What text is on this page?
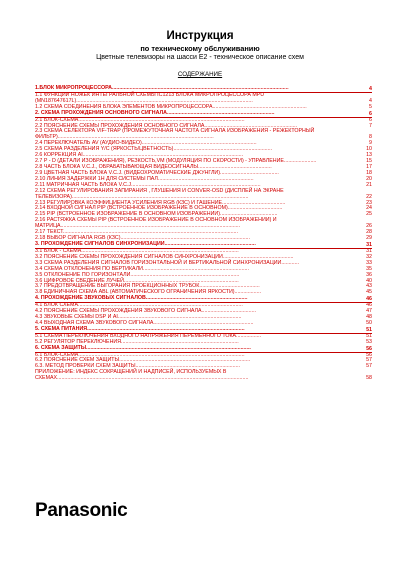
Инструкция
по техническому обслуживанию
Цветные телевизоры на шасси E2 - техническое описание схем
СОДЕРЖАНИЕ
1.БЛОК МИКРОПРОЦЕССОРА........................................................................................................................	4
1.1 ФУНКЦИИ НОЖЕК ИНТЕГРАЛЬНОЙ СХЕМЫ IC1213 БЛОКА МИКРОПРОЦЕССОРА MPU (MN187647617L)........................................................................................................................	4
1.2 СХЕМА СОЕДИНЕНИЯ БЛОКА ЭЛЕМЕНТОВ МИКРОПРОЦЕССОРА................................................................	5
2. СХЕМА ПРОХОЖДЕНИЯ ОСНОВНОГО СИГНАЛА.........................................................................	6
2.1 БЛОК-СХЕМА.................................................................................................................	6
2.2 ПОЯСНЕНИЕ СХЕМЫ ПРОХОЖДЕНИЯ ОСНОВНОГО СИГНАЛА...............................................................	7
2.3 СХЕМА СЕЛЕКТОРА VIF-TRAP (ПРОМЕЖУТОЧНАЯ ЧАСТОТА СИГНАЛА ИЗОБРАЖЕНИЯ - РЕЖЕКТОРНЫЙ ФИЛЬТР)..........................................................................................................	8
2.4 ПЕРЕКЛЮЧАТЕЛЬ AV (АУДИО-ВИДЕО)..............................................................................	9
2.5 СХЕМА РАЗДЕЛЕНИЯ Y/C (ЯРКОСТЬ/ЦВЕТНОСТЬ)...................................................................	10
2.6 КОРРЕКЦИЯ AI.............................................................................................................	13
2.7 P - D (ДЕТАЛИ ИЗОБРАЖЕНИЯ), РЕЗКОСТЬ,VM (МОДУЛЯЦИЯ ПО СКОРОСТИ) - УПРАВЛЕНИЕ......................	15
2.8 ЧАСТЬ БЛОКА V.C.J., ОБРАБАТЫВАЮЩАЯ ВИДЕОСИГНАЛЫ..................................................	17
2.9 ЦВЕТНАЯ ЧАСТЬ БЛОКА V.C.J. (ВИДЕОХРОМАТИЧЕСКИЕ ДЖУНГЛИ)........................................	18
2.10 ЛИНИЯ ЗАДЕРЖКИ 1Н ДЛЯ СИСТЕМЫ ПАЛ.................................................................	20
2.11 МАТРИЧНАЯ ЧАСТЬ БЛОКА V.C.J........................................................................................	21
2.12 СХЕМА РЕГУЛИРОВАНИЯ ЗАПИРАНИЯ , ГЛУШЕНИЯ И CONVER-OSD (ДИСПЛЕЙ НА ЭКРАНЕ ТЕЛЕВИЗОРА)........................................................................................................................	22
2.13 РЕГУЛИРОВКА КОЭФФИЦИЕНТА УСИЛЕНИЯ RGB (КЗС) И ГАШЕНИЕ...........................................	23
2.14 ВХОДНОЙ СИГНАЛ PIP (ВСТРОЕННОЕ ИЗОБРАЖЕНИЕ В ОСНОВНОМ).....................................	24
2.15 PIP (ВСТРОЕННОЕ ИЗОБРАЖЕНИЕ В ОСНОВНОМ ИЗОБРАЖЕНИИ).......................................	25
2.16 РАСТЯЖКА СХЕМЫ PIP (ВСТРОЕННОЕ ИЗОБРАЖЕНИЕ В ОСНОВНОМ ИЗОБРАЖЕНИИ) И МАТРИЦА..........................................................................................................................	26
2.17 ТЕКСТ.......................................................................................................................	28
2.18 ВЫБОР СИГНАЛА RGB (КЗС)........................................................................................	29
3. ПРОХОЖДЕНИЕ СИГНАЛОВ СИНХРОНИЗАЦИИ..............................................................	31
3.1 БЛОК - СХЕМА...........................................................................................................	31
3.2 ПОЯСНЕНИЕ СХЕМЫ ПРОХОЖДЕНИЯ СИГНАЛОВ СИНХРОНИЗАЦИИ................................................	32
3.3 СХЕМА РАЗДЕЛЕНИЯ СИГНАЛОВ ГОРИЗОНТАЛЬНОЙ И ВЕРТИКАЛЬНОЙ СИНХРОНИЗАЦИИ............	33
3.4 СХЕМА ОТКЛОНЕНИЯ ПО ВЕРТИКАЛИ........................................................................	35
3.5 ОТКЛОНЕНИЕ ПО ГОРИЗОНТАЛИ..........................................................................	36
3.6 ЦИФРОВОЕ СВЕДЕНИЕ ЛУЧЕЙ..............................................................................	40
3.7 ПРЕДОТВРАЩЕНИЕ ВЫГОРАНИЯ ПРОЕКЦИОННЫХ ТРУБОК.........................................	43
3.8 ЕДИНИЧНАЯ СХЕМА ABL (АВТОМАТИЧЕСКОГО ОГРАНИЧЕНИЯ ЯРКОСТИ)..................	45
4. ПРОХОЖДЕНИЕ ЗВУКОВЫХ СИГНАЛОВ.....................................................................	46
4.1 БЛОК СХЕМА................................................................................................................	46
4.2 ПОЯСНЕНИЕ СХЕМЫ ПРОХОЖДЕНИЯ ЗВУКОВОГО СИГНАЛА.....................................	47
4.3 ЗВУКОВЫЕ СХЕМЫ DSP И AI....................................................................................	48
4.4 ВЫХОДНАЯ СХЕМА ЗВУКОВОГО СИГНАЛА....................................................................	50
5. СХЕМА ПИТАНИЯ...........................................................................................................	51
5.1 СХЕМА ПЕРЕКЛЮЧЕНИЯ ВХОДНОГО НАПРЯЖЕНИЯ ПЕРЕМЕННОГО ТОКА.................	51
5.2 РЕГУЛЯТОР ПЕРЕКЛЮЧЕНИЯ................................................................................	53
6. СХЕМА ЗАЩИТЫ................................................................................................................	56
6.1 БЛОК-СХЕМА.................................................................................................................	56
6.2 ПОЯСНЕНИЕ СХЕМ ЗАЩИТЫ.........................................................................................	57
6.3. МЕТОД ПРОВЕРКИ СХЕМ ЗАЩИТЫ.......................................................................	57
ПРИЛОЖЕНИЕ: ИНДЕКС СОКРАЩЕНИЙ И НАДПИСЕЙ, ИСПОЛЬЗУЕМЫХ В СХЕМАХ..................................................................................................................................	58
Panasonic
